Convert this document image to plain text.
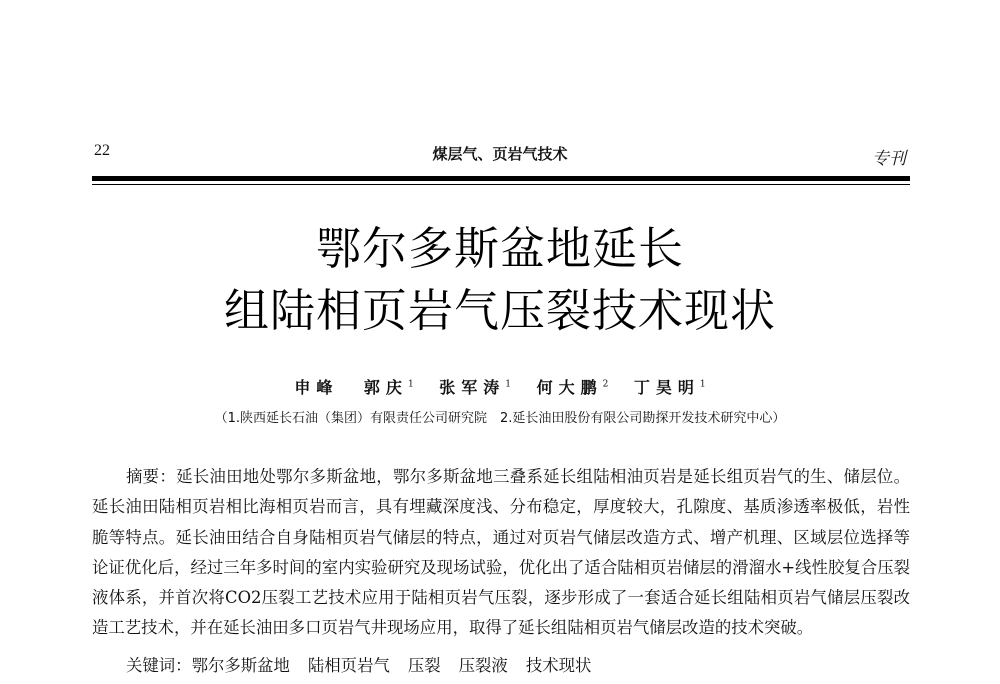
22	煤层气、页岩气技术	专刊
鄂尔多斯盆地延长
组陆相页岩气压裂技术现状
申峰 郭庆$^1$ 张军涛$^1$ 何大鹏$^2$ 丁昊明$^1$
（1.陕西延长石油（集团）有限责任公司研究院　2.延长油田股份有限公司勘探开发技术研究中心）

摘要：延长油田地处鄂尔多斯盆地，鄂尔多斯盆地三叠系延长组陆相油页岩是延长组页岩气的生、储层位。延长油田陆相页岩相比海相页岩而言，具有埋藏深度浅、分布稳定，厚度较大，孔隙度、基质渗透率极低，岩性脆等特点。延长油田结合自身陆相页岩气储层的特点，通过对页岩气储层改造方式、增产机理、区域层位选择等论证优化后，经过三年多时间的室内实验研究及现场试验，优化出了适合陆相页岩储层的滑溜水+线性胶复合压裂液体系，并首次将CO2压裂工艺技术应用于陆相页岩气压裂，逐步形成了一套适合延长组陆相页岩气储层压裂改造工艺技术，并在延长油田多口页岩气井现场应用，取得了延长组陆相页岩气储层改造的技术突破。

关键词：鄂尔多斯盆地 陆相页岩气 压裂 压裂液 技术现状
